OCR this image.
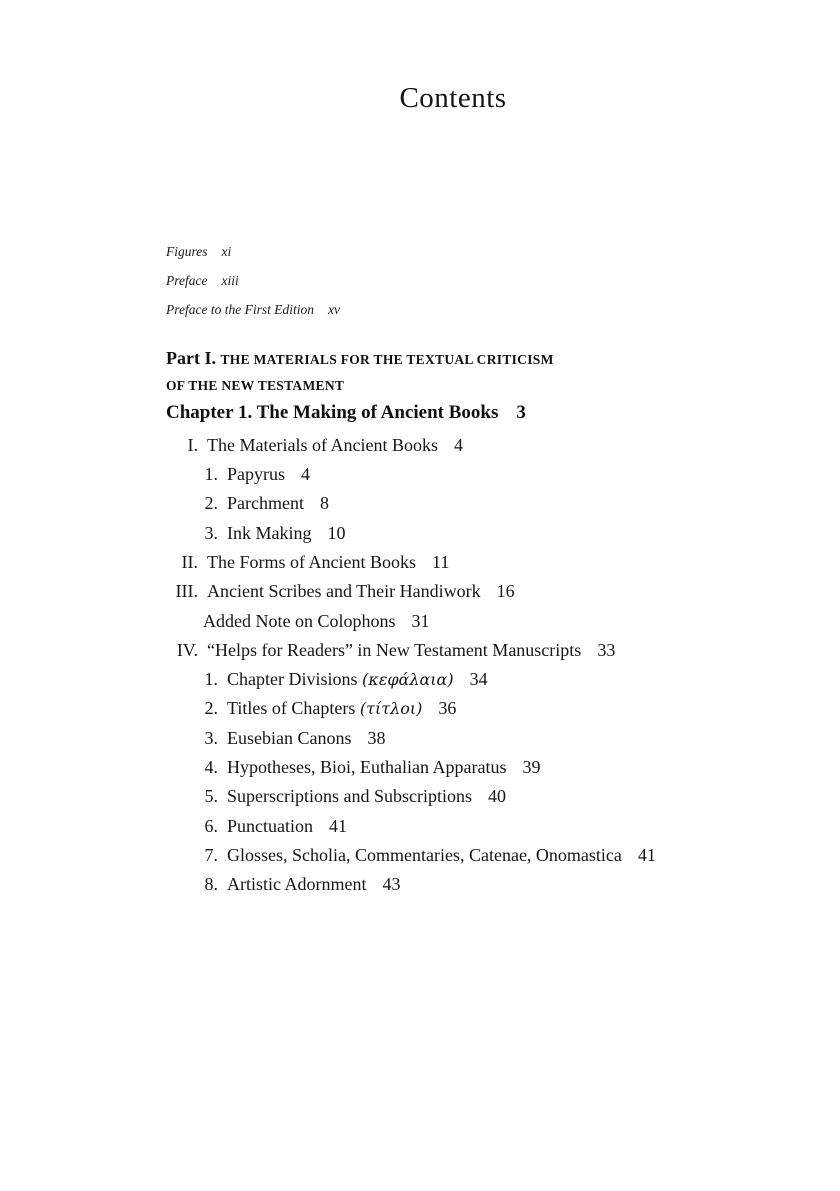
Contents
Figures xi
Preface xiii
Preface to the First Edition xv
Part I. THE MATERIALS FOR THE TEXTUAL CRITICISM
OF THE NEW TESTAMENT
Chapter 1. The Making of Ancient Books 3
I. The Materials of Ancient Books 4
1. Papyrus 4
2. Parchment 8
3. Ink Making 10
II. The Forms of Ancient Books 11
III. Ancient Scribes and Their Handiwork 16
Added Note on Colophons 31
IV. “Helps for Readers” in New Testament Manuscripts 33
1. Chapter Divisions (κεφάλαια) 34
2. Titles of Chapters (τίτλοι) 36
3. Eusebian Canons 38
4. Hypotheses, Bioi, Euthalian Apparatus 39
5. Superscriptions and Subscriptions 40
6. Punctuation 41
7. Glosses, Scholia, Commentaries, Catenae, Onomastica 41
8. Artistic Adornment 43
